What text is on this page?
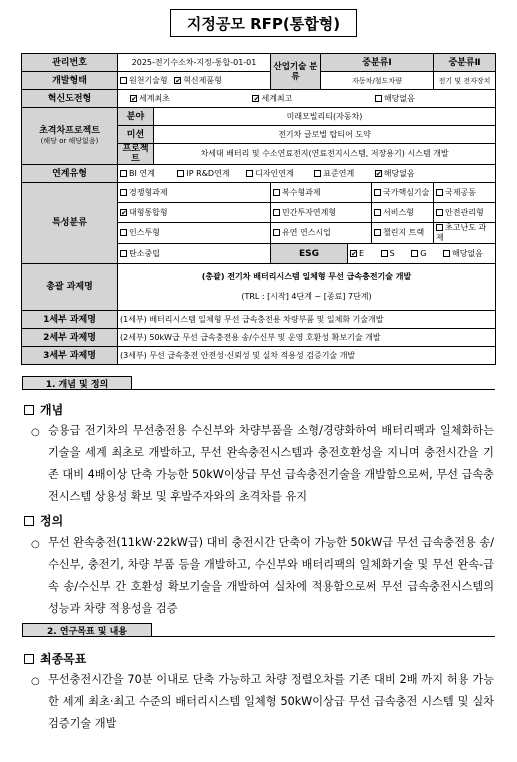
지정공모 RFP(통합형)
관리번호	2025-전기수소차-지정-통합-01-01		산업기술 분류	중분류Ⅰ			중분류Ⅱ
개발형태	원천기술형 ✔ 혁신제품형			자동차/철도차량			전기 및 전자장치
혁신도전형	✔ 세계최초 ✔ 세계최고 해당없음						

초격차프로젝트
(해당 or 해당없음)	분야	미래모빌리티(자동차)					
	미션	전기차 글로벌 탑티어 도약					
	프로젝트	차세대 배터리 및 수소연료전지(연료전지시스템, 저장용기) 시스템 개발					
연계유형	BI 연계 IP R&D연계 디자인연계 표준연계 ✔ 해당없음						
특성분류	경쟁형과제		복수형과제			국가핵심기술	국제공동
	✔ 대형통합형		민간투자연계형			서비스형	안전관리형
	인스투형		유연 연스시업			챌린지 트랙	초고난도 과제
	탄소중립		ESG		✔ E S G 해당없음		
총괄 과제명	(총괄) 전기차 배터리시스템 일체형 무선 급속충전기술 개발
(TRL : [시작] 4단계 ~ [종료] 7단계)						

1세부 과제명	(1세부) 배터리시스템 일체형 무선 급속충전용 차량부품 및 일체화 기술개발						
2세부 과제명	(2세부) 50kW급 무선 급속충전용 송/수신부 및 운영 호환성 확보기술 개발						
3세부 과제명	(3세부) 무선 급속충전 안전성·신뢰성 및 실차 적용성 검증기술 개발						
1. 개념 및 정의
개념
○ 승용급 전기차의 무선충전용 수신부와 차량부품을 소형/경량화하여 배터리팩과 일체화하는 기술을 세계 최초로 개발하고, 무선 완속충전시스템과 충전호환성을 지니며 충전시간을 기존 대비 4배이상 단축 가능한 50kW이상급 무선 급속충전기술을 개발함으로써, 무선 급속충전시스템 상용성 확보 및 후발주자와의 초격차를 유지
정의
○ 무선 완속충전(11kW·22kW급) 대비 충전시간 단축이 가능한 50kW급 무선 급속충전용 송/수신부, 충전기, 차량 부품 등을 개발하고, 수신부와 배터리팩의 일체화기술 및 무선 완속-급속 송/수신부 간 호환성 확보기술을 개발하여 실차에 적용함으로써 무선 급속충전시스템의 성능과 차량 적용성을 검증
2. 연구목표 및 내용
최종목표
○ 무선충전시간을 70분 이내로 단축 가능하고 차량 정렬오차를 기존 대비 2배 까지 허용 가능한 세계 최초·최고 수준의 배터리시스템 일체형 50kW이상급 무선 급속충전 시스템 및 실차 검증기술 개발
